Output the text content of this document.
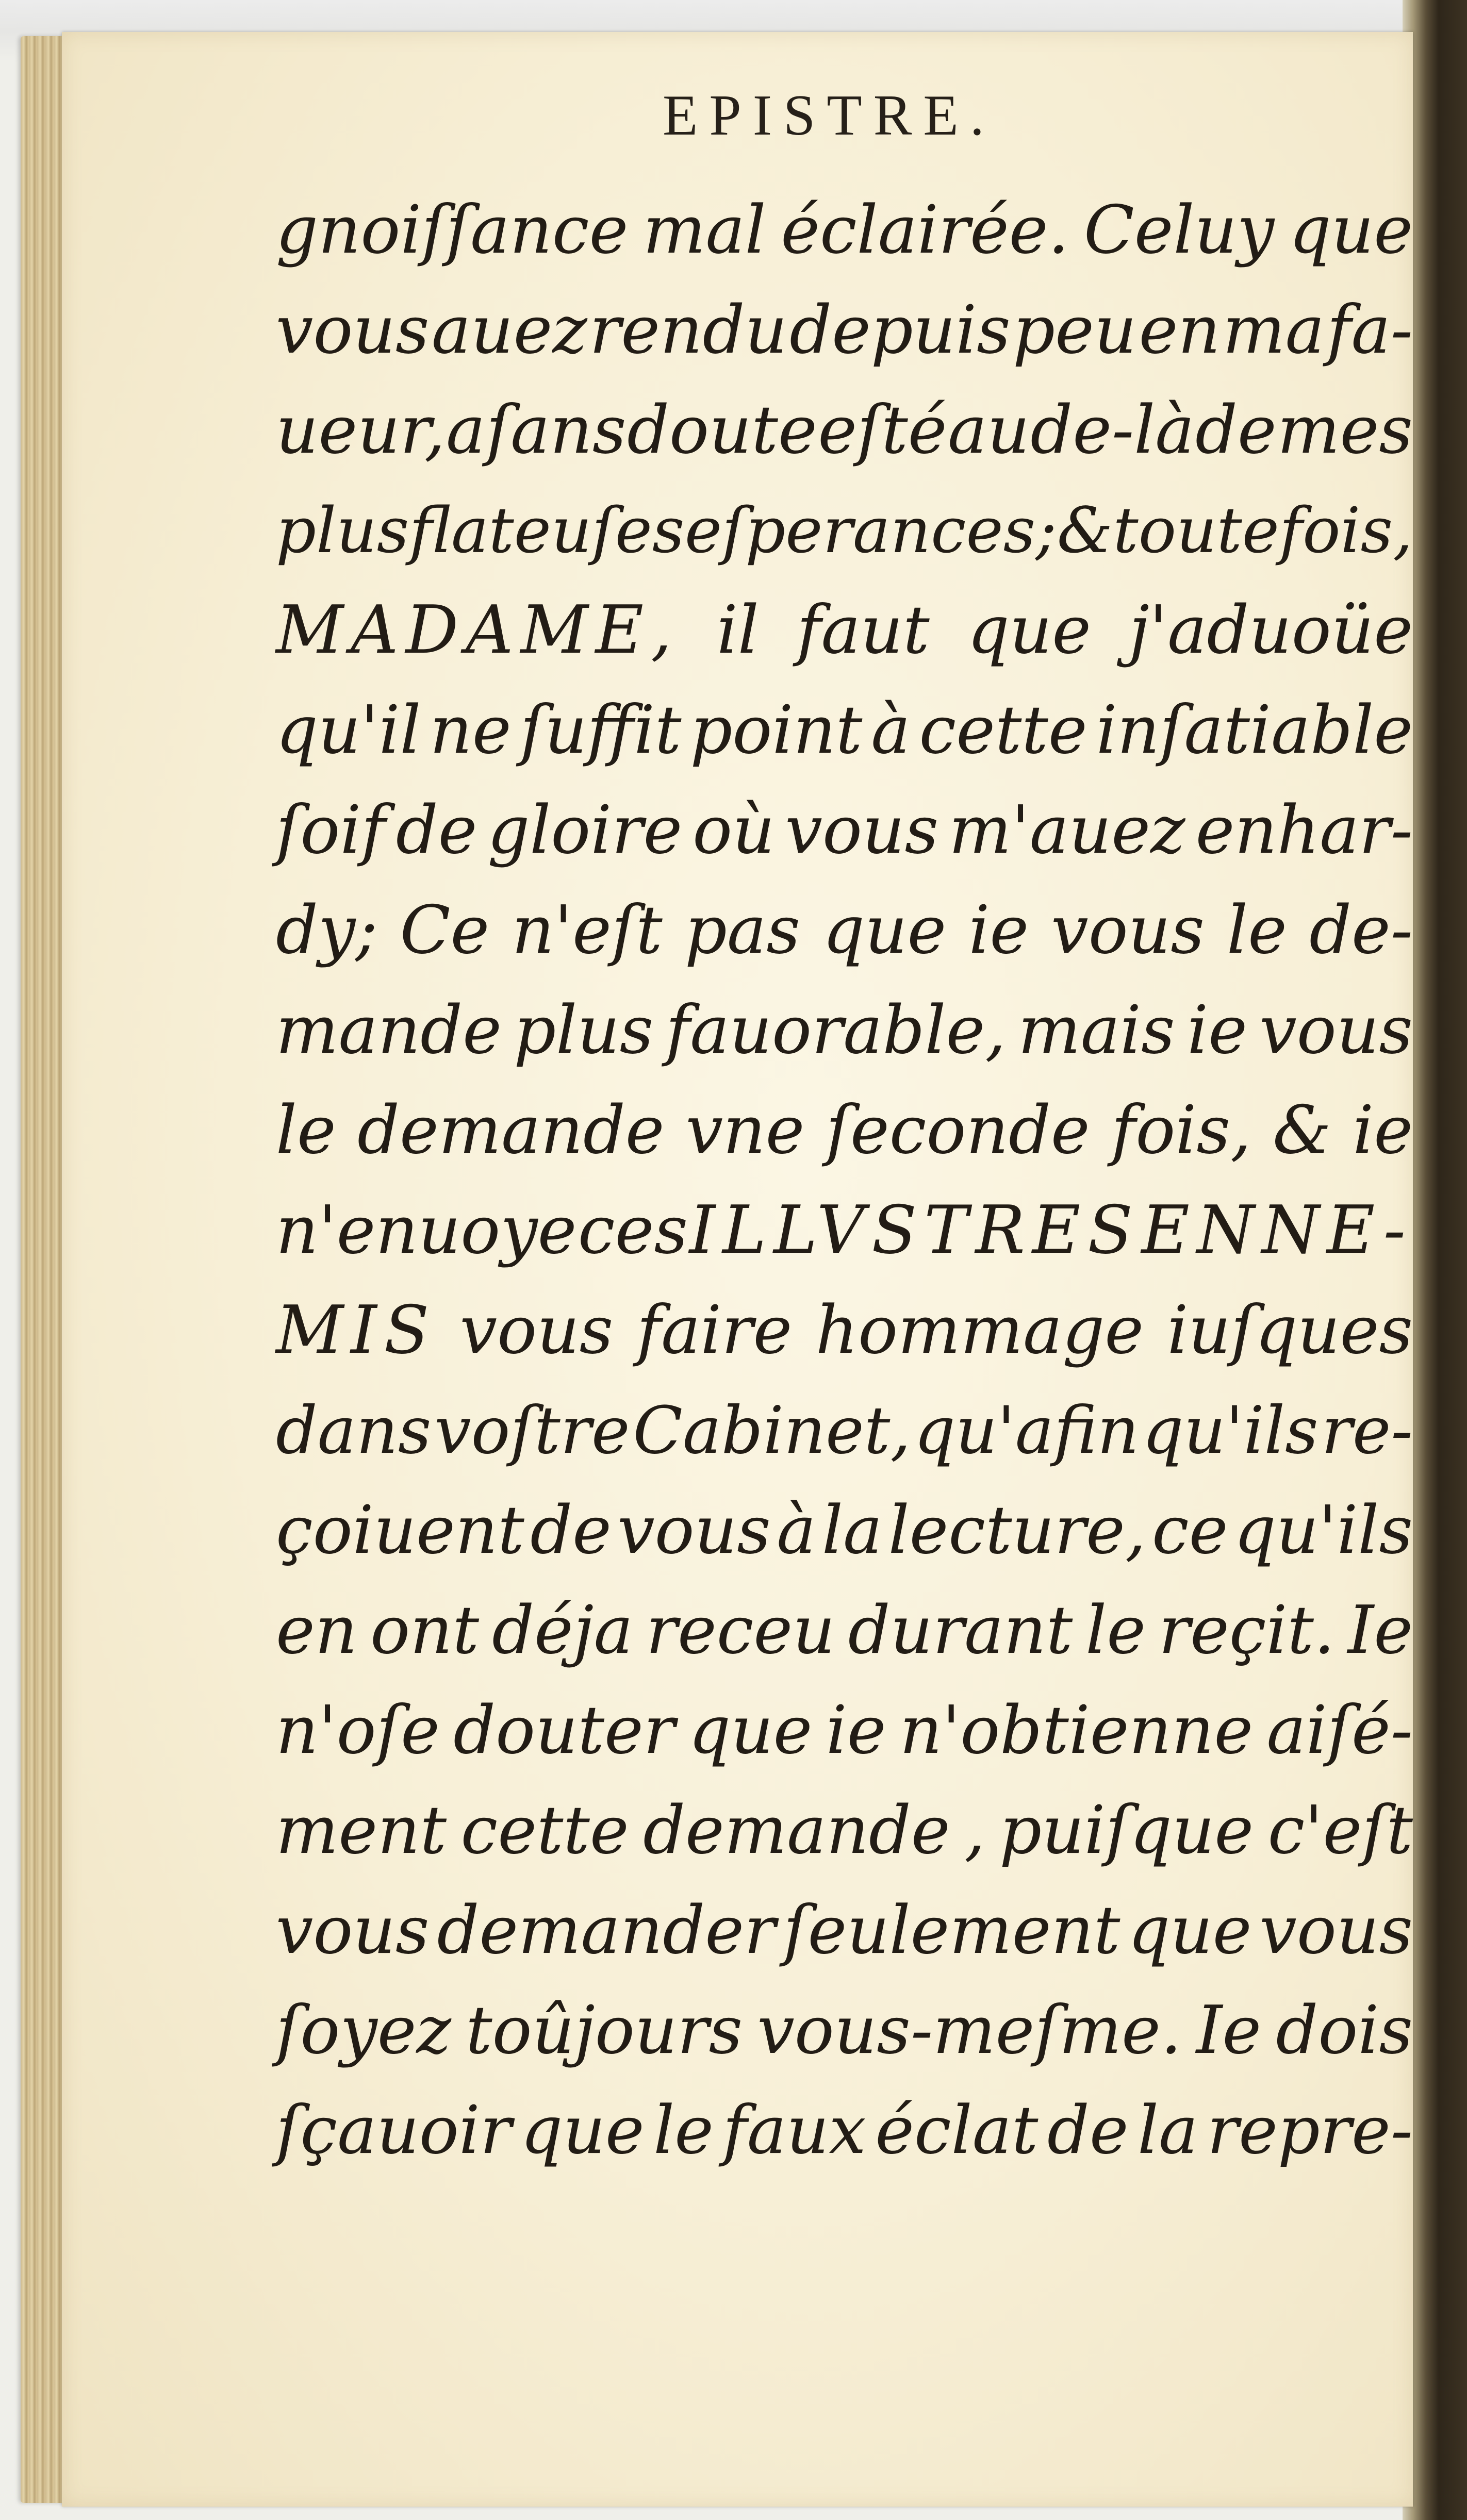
EPISTRE.
gnoiſſance mal éclairée. Celuy que
vous auez rendu depuis peu en ma fa-
ueur, a ſans doute eſté au de-là de mes
plus flateuſes eſperances; & toutefois,
MADAME, il faut que j'aduoüe
qu'il ne ſuffit point à cette inſatiable
ſoif de gloire où vous m'auez enhar-
dy; Ce n'eſt pas que ie vous le de-
mande plus fauorable, mais ie vous
le demande vne ſeconde fois, & ie
n'enuoye ces ILLVSTRES ENNE-
MIS vous faire hommage iuſques
dans voſtre Cabinet, qu'afin qu'ils re-
çoiuent de vous à la lecture, ce qu'ils
en ont déja receu durant le reçit. Ie
n'oſe douter que ie n'obtienne aiſé-
ment cette demande , puiſque c'eſt
vous demander ſeulement que vous
ſoyez toûjours vous-meſme. Ie dois
ſçauoir que le faux éclat de la repre-
